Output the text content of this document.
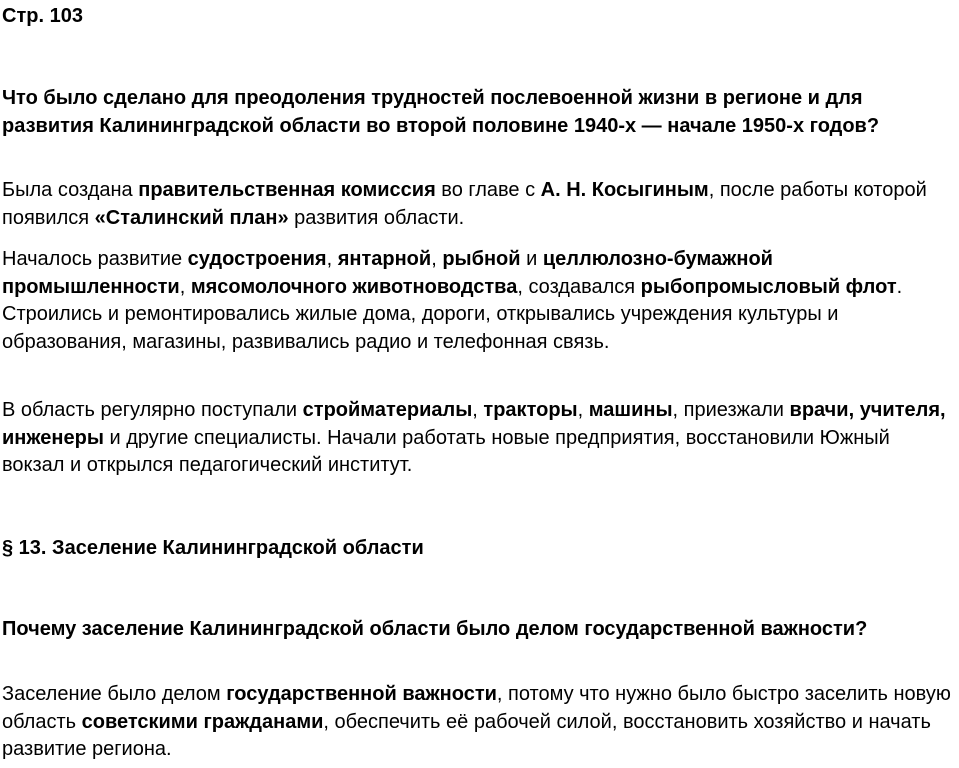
Стр. 103
Что было сделано для преодоления трудностей послевоенной жизни в регионе и для развития Калининградской области во второй половине 1940-х — начале 1950-х годов?
Была создана правительственная комиссия во главе с А. Н. Косыгиным, после работы которой появился «Сталинский план» развития области.
Началось развитие судостроения, янтарной, рыбной и целлюлозно-бумажной промышленности, мясомолочного животноводства, создавался рыбопромысловый флот. Строились и ремонтировались жилые дома, дороги, открывались учреждения культуры и образования, магазины, развивались радио и телефонная связь.
В область регулярно поступали стройматериалы, тракторы, машины, приезжали врачи, учителя, инженеры и другие специалисты. Начали работать новые предприятия, восстановили Южный вокзал и открылся педагогический институт.
§ 13. Заселение Калининградской области
Почему заселение Калининградской области было делом государственной важности?
Заселение было делом государственной важности, потому что нужно было быстро заселить новую область советскими гражданами, обеспечить её рабочей силой, восстановить хозяйство и начать развитие региона.
